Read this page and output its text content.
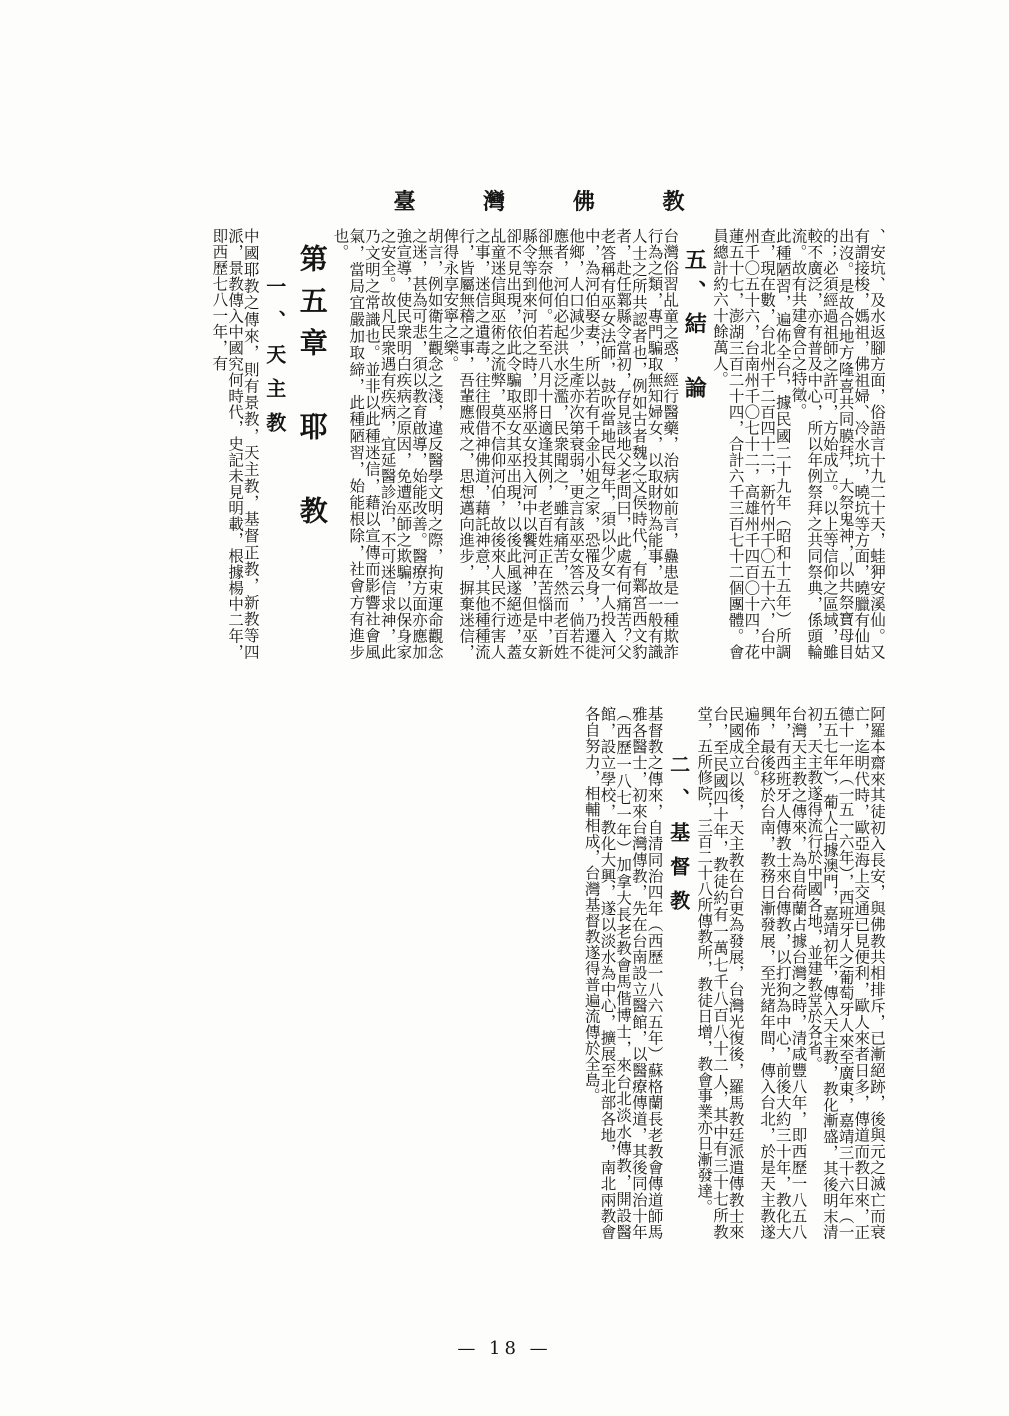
臺 灣 佛 教

、安坑、及水返腳方面，俗語言十九二十天，蛙狎安溪仙。又有謂接梭，媽祖，佛祖婦、冷水坑，曉坑等方面，曉臘有仙姑出沒。是故合地方隆喜共同膜拜，大祭鬼神，以共祭寶母目的；必須經過祖師之許可，方始成立。以上等信仰之區域，雖較不廣泛，亦有普及中心，所以年例祭拜之共同祭典，係頭輪流。故有共建會合之特徵。

此種陋習，遍佈全台，據民國二十九年（昭和十五年）所調查，現在數，台北州千二百四十二，新竹州千〇五十六，台中州千〇五十六，台南州千〇七十二，高雄州千四百〇十四，花蓮五十七，澎湖三百二十四，合計六千三百七十二個團體。會員總計約六十餘萬人。

五、結　論

台灣俗習乩童之惑，經行醫藥，治病如前言，蠱患是一種欺詐行為之類，專門騙取無知婦女，以取財物為能事，故一般有識人士之所共認者也，例如古者魏之文侯時代，有鄴宮西文豹者，赴任鄴縣令當初，存見該地父老問曰，此處有何痛苦？父老答稱有巫女法師，鼓吹當地民每年，須以少女一人投入河中，為河伯娶妻，所以若有千金小姐之家，恐罹及身，乃遷徙他鄉，人口減少，生產亦次第衰弱，更言該巫女答云，倘若不應者，河伯必起洪水泛濫，民衆聞之，雖有痛苦，然而老百姓卻無奈他何。若至八月十日適逢其例，老百姓正在苦惱中，新縣令等到來河伯之時，即將巫女投入河中以饗河神，但是巫女卻不見出現，依此令騙取巫女其巫出現，以後此風遂絕迹，蓋乩童迷信與巫術之流弊，莫不信仰河伯，故後來人民不行害人之事，迷信之遺毒，往往假借神佛道，藉託神意，其他種種流行，皆屬無稽之事，吾輩應戒之，思想邁向進步，摒棄迷信，俾得永享安寧之樂。

胡言，例如衛生觀念之淺，違反醫學文明之際，拘束運命觀念之迷，甚為可悲，須以教育啟導，始能改善。醫療方面亦應加強宣導，使民衆明白疾病之原因，免遭巫師之欺騙，以保身家之安全。故凡民衆遇有疾病，宜延醫診治，不可迷信求神，此乃文明之常識也。並非以此種迷信，藉以宣傳而影響社會風氣，當局宜嚴加取締，此種陋習，始能根除，社會方有進步也。

第五章　耶　教
一、天主教

中國耶教之傳來，則有景教，天主教，基督正教，新教等四派，景教傳入中國究何時代，史記未見明載，根據楊中二年，即西歷七八一年，有

阿羅本齋來其徒初入長安，與佛教共相排斥，已漸絕跡，後與元之滅亡而衰亡，迄明代時，歐亞海上交通已見便利，歐人來者日多，傳道而教日來，正德十一年（一五一六年），西班牙人之葡萄牙人來至廣東，嘉靖三十六年（一五五七年），葡人占據澳門，嘉靖初年，傳入天主教，教化漸盛，其後明末清初，天主教遂得流行於中國各地，並建教堂於各省。

台灣天主教之傳來，為自荷蘭占據台灣之時，清咸豐八年，即西歷一八五八年，有西班牙人傳教士來台傳教，以打狗為中心，前後大約三十年，教化大興，最後移於台南，教務日漸發展，至光緒年間，傳入台北，於是天主教遂遍佈全台。

民國成立以後，天主教在台更為發展，台灣光復後，羅馬教廷派遣傳教士來台，至民國四十年，教徒約有一萬七千八百八十二人，其中有三十七所教堂，五所修院，三百二十八所傳教所，教徒日增，教會事業亦日漸發達。

二、基督教

基督教之傳來，自清同治四年（西歷一八六五年）蘇格蘭長老教會傳道師馬雅各醫士，初來台灣傳教，先在台南設立醫館，以醫療傳道，其後同治十年（西歷一八七一年）加拿大長老教會馬偕博士，來台北淡水傳教，開設醫館，設立學校，教化大興，遂以淡水為中心，擴展至北部各地，南北兩教會各自努力，相輔相成，台灣基督教遂得普遍流傳於全島。

— 18 —
